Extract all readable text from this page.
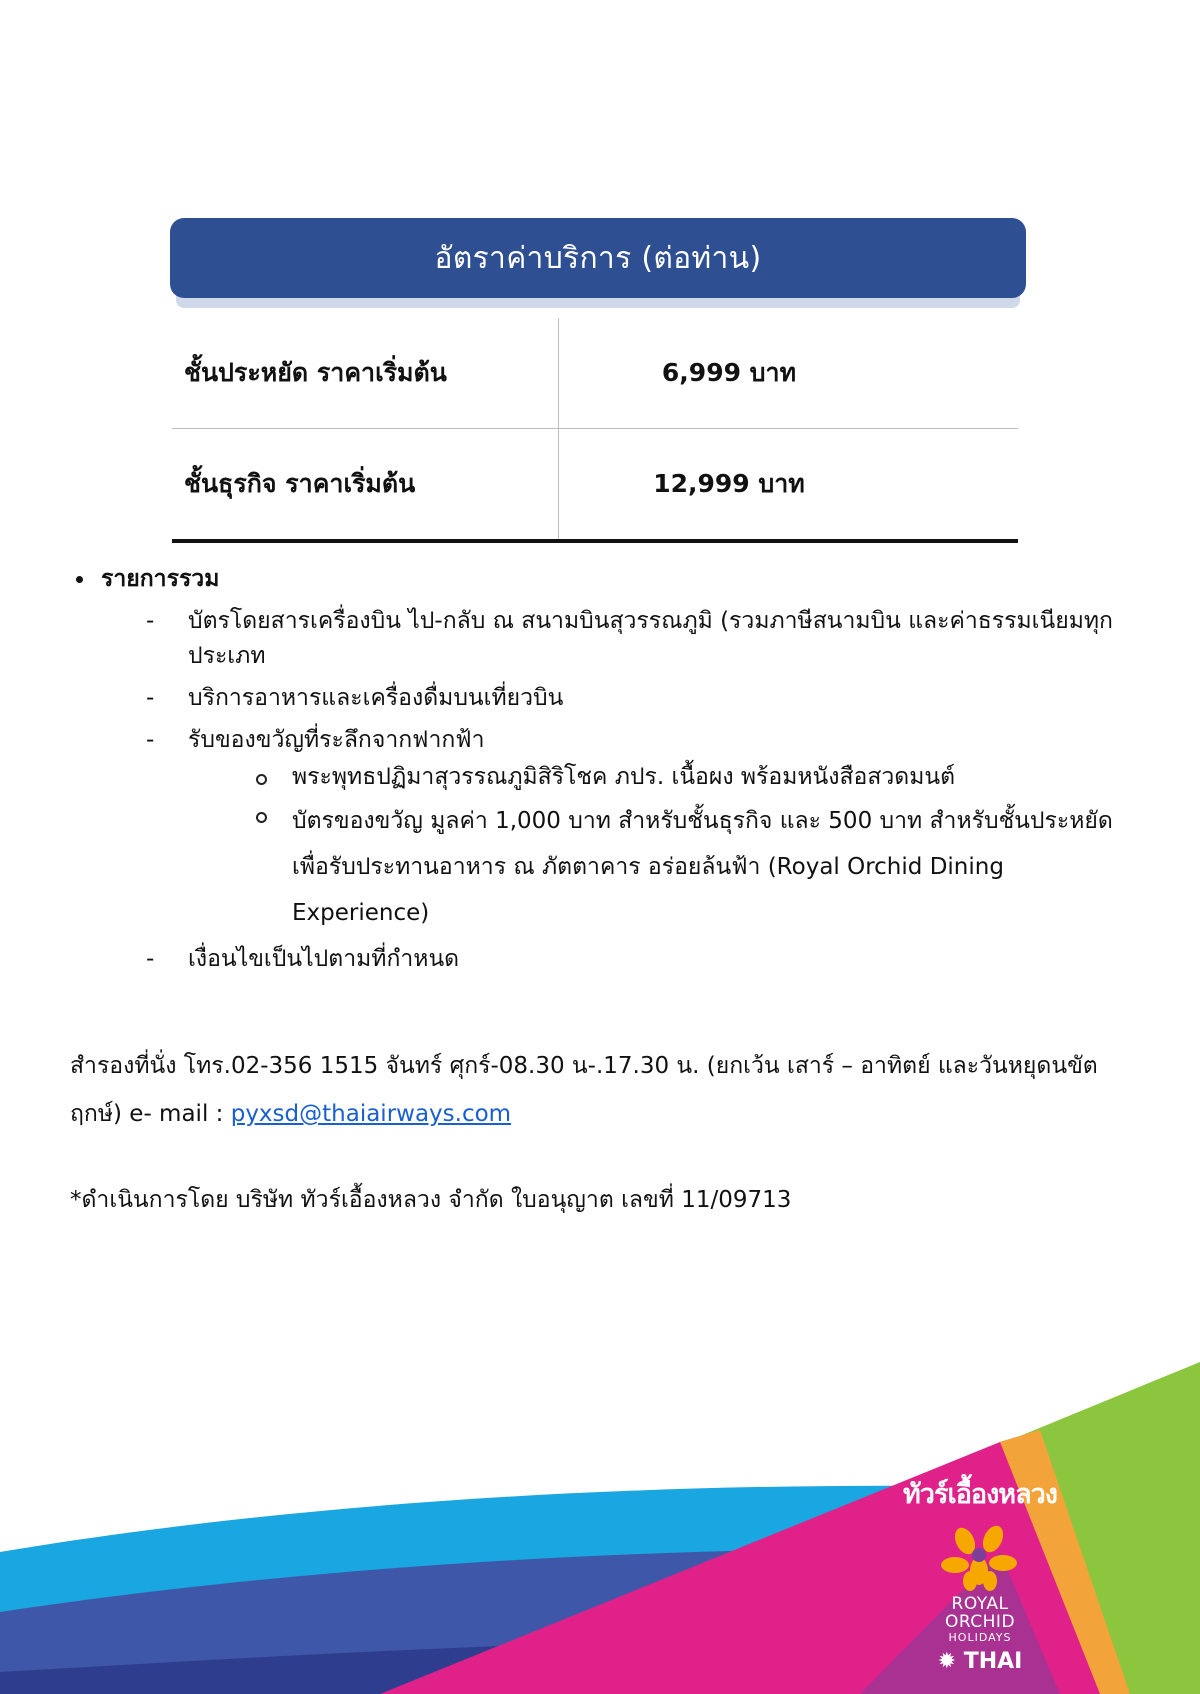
อัตราค่าบริการ (ต่อท่าน)
ชั้นประหยัด ราคาเริ่มต้น	6,999 บาท
ชั้นธุรกิจ ราคาเริ่มต้น	12,999 บาท
รายการรวม
- บัตรโดยสารเครื่องบิน ไป-กลับ ณ สนามบินสุวรรณภูมิ (รวมภาษีสนามบิน และค่าธรรมเนียมทุกประเภท
- บริการอาหารและเครื่องดื่มบนเที่ยวบิน
- รับของขวัญที่ระลึกจากฟากฟ้า
พระพุทธปฏิมาสุวรรณภูมิสิริโชค ภปร. เนื้อผง พร้อมหนังสือสวดมนต์
บัตรของขวัญ มูลค่า 1,000 บาท สำหรับชั้นธุรกิจ และ 500 บาท สำหรับชั้นประหยัด เพื่อรับประทานอาหาร ณ ภัตตาคาร อร่อยล้นฟ้า (Royal Orchid Dining Experience)
- เงื่อนไขเป็นไปตามที่กำหนด
สำรองที่นั่ง โทร.02-356 1515 จันทร์ ศุกร์-08.30 น-.17.30 น. (ยกเว้น เสาร์ – อาทิตย์ และวันหยุดนขัตฤกษ์) e- mail : pyxsd@thaiairways.com
*ดำเนินการโดย บริษัท ทัวร์เอื้องหลวง จำกัด ใบอนุญาต เลขที่ 11/09713
ทัวร์เอื้องหลวง
ROYAL
ORCHID
HOLIDAYS
✹ THAI
